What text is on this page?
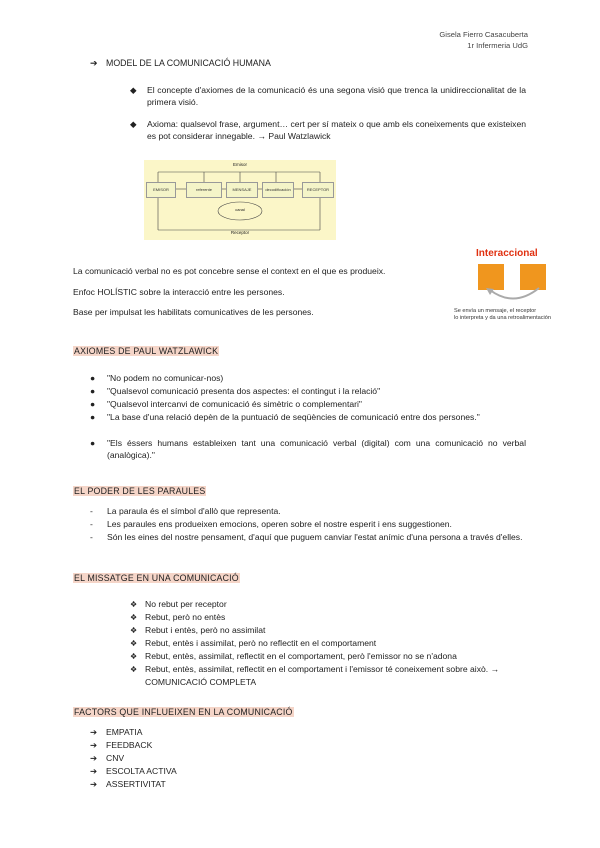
Gisela Fierro Casacuberta
1r Infermeria UdG
➔ MODEL DE LA COMUNICACIÓ HUMANA
◆	El concepte d'axiomes de la comunicació és una segona visió que trenca la unidireccionalitat de la primera visió.
◆	Axioma: qualsevol frase, argument… cert per sí mateix o que amb els coneixements que existeixen es pot considerar innegable. → Paul Watzlawick
Emisor
Receptor
EMISOR	referente	MENSAJE	decodificación	RECEPTOR
canal
Interaccional
Se envía un mensaje, el receptor
lo interpreta y da una retroalimentación
La comunicació verbal no es pot concebre sense el context en el que es produeix.
Enfoc HOLÍSTIC sobre la interacció entre les persones.
Base per impulsat les habilitats comunicatives de les persones.
AXIOMES DE PAUL WATZLAWICK
●	"No podem no comunicar-nos)
●	"Qualsevol comunicació presenta dos aspectes: el contingut i la relació"
●	"Qualsevol intercanvi de comunicació és simètric o complementari"
●	"La base d'una relació depèn de la puntuació de seqüències de comunicació entre dos persones."
●	"Els éssers humans estableixen tant una comunicació verbal (digital) com una comunicació no verbal (analògica)."
EL PODER DE LES PARAULES
- La paraula és el símbol d'allò que representa.
- Les paraules ens produeixen emocions, operen sobre el nostre esperit i ens suggestionen.
- Són les eines del nostre pensament, d'aquí que puguem canviar l'estat anímic d'una persona a través d'elles.
EL MISSATGE EN UNA COMUNICACIÓ
❖ No rebut per receptor
❖ Rebut, però no entès
❖ Rebut i entès, però no assimilat
❖ Rebut, entès i assimilat, però no reflectit en el comportament
❖ Rebut, entès, assimilat, reflectit en el comportament, però l'emissor no se n'adona
❖ Rebut, entès, assimilat, reflectit en el comportament i l'emissor té coneixement sobre això. → COMUNICACIÓ COMPLETA
FACTORS QUE INFLUEIXEN EN LA COMUNICACIÓ
➔ EMPATIA
➔ FEEDBACK
➔ CNV
➔ ESCOLTA ACTIVA
➔ ASSERTIVITAT
